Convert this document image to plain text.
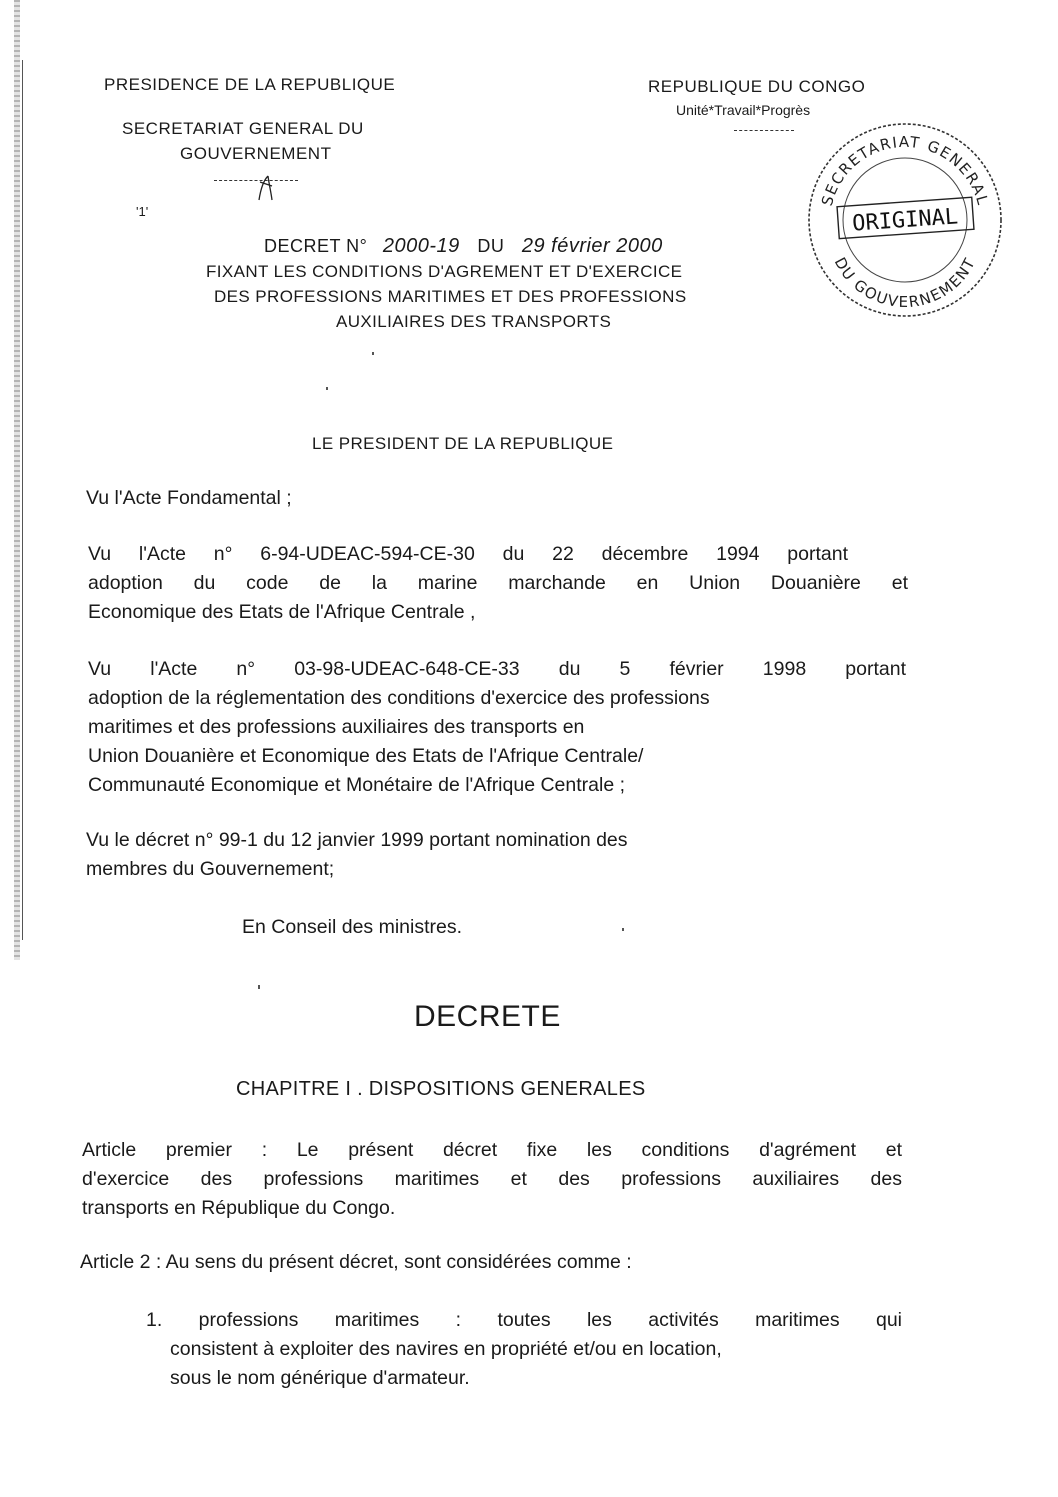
PRESIDENCE DE LA REPUBLIQUE
SECRETARIAT GENERAL DU
GOUVERNEMENT
'1'
REPUBLIQUE DU CONGO
Unité*Travail*Progrès
SECRETARIAT GENERAL
DU GOUVERNEMENT
ORIGINAL
DECRET N° 2000-19 DU 29 février 2000
FIXANT LES CONDITIONS D'AGREMENT ET D'EXERCICE
DES PROFESSIONS MARITIMES ET DES PROFESSIONS
AUXILIAIRES DES TRANSPORTS
LE PRESIDENT DE LA REPUBLIQUE
Vu l'Acte Fondamental ;
Vu l'Acte n° 6-94-UDEAC-594-CE-30 du 22 décembre 1994 portant
adoption du code de la marine marchande en Union Douanière et
Economique des Etats de l'Afrique Centrale ,
Vu l'Acte n° 03-98-UDEAC-648-CE-33 du 5 février 1998 portant
adoption de la réglementation des conditions d'exercice des professions
maritimes et des professions auxiliaires des transports en
Union Douanière et Economique des Etats de l'Afrique Centrale/
Communauté Economique et Monétaire de l'Afrique Centrale ;
Vu le décret n° 99-1 du 12 janvier 1999 portant nomination des
membres du Gouvernement;
En Conseil des ministres.
DECRETE
CHAPITRE I . DISPOSITIONS GENERALES
Article premier : Le présent décret fixe les conditions d'agrément et
d'exercice des professions maritimes et des professions auxiliaires des
transports en République du Congo.
Article 2 : Au sens du présent décret, sont considérées comme :
1. professions maritimes : toutes les activités maritimes qui
consistent à exploiter des navires en propriété et/ou en location,
sous le nom générique d'armateur.
